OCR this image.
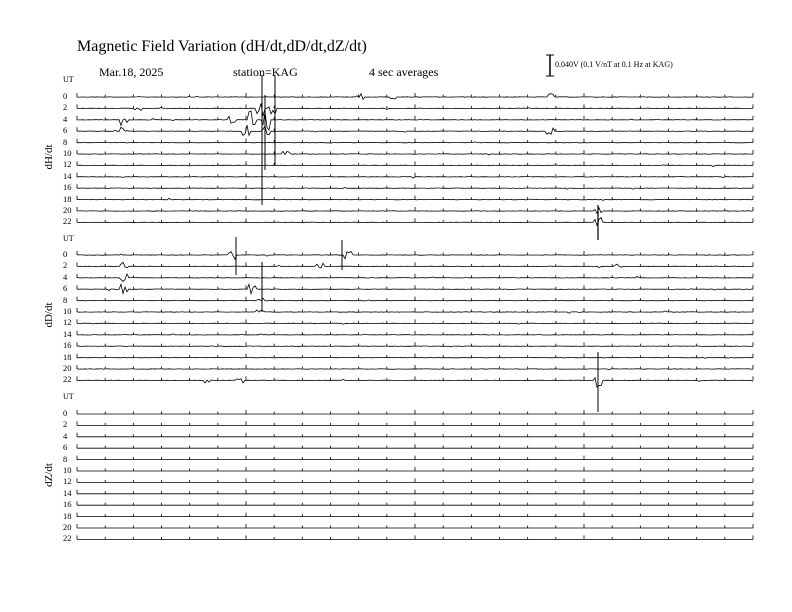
Magnetic Field Variation (dH/dt,dD/dt,dZ/dt)
Mar.18, 2025	station=KAG	4 sec averages
0.040V (0.1 V/nT at 0.1 Hz at KAG)
UT
dH/dt
0
2
4
6
8
10
12
14
16
18
20
22
UT
dD/dt
0
2
4
6
8
10
12
14
16
18
20
22
UT
dZ/dt
0
2
4
6
8
10
12
14
16
18
20
22
